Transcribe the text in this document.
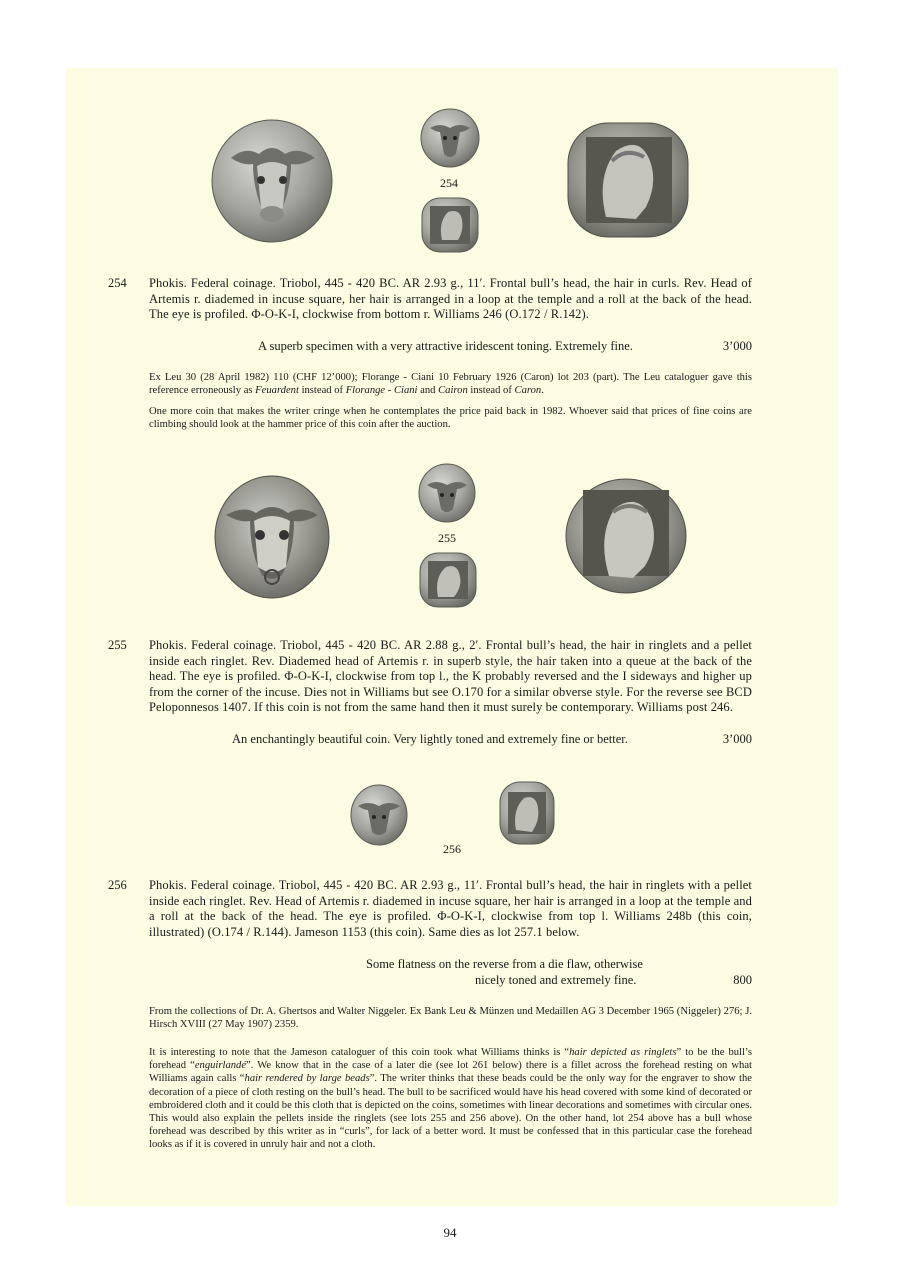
254
254	Phokis. Federal coinage. Triobol, 445 - 420 BC. AR 2.93 g., 11′. Frontal bull’s head, the hair in curls. Rev. Head of Artemis r. diademed in incuse square, her hair is arranged in a loop at the temple and a roll at the back of the head. The eye is profiled. Φ-O-K-I, clockwise from bottom r. Williams 246 (O.172 / R.142).
A superb specimen with a very attractive iridescent toning. Extremely fine.	3’000
Ex Leu 30 (28 April 1982) 110 (CHF 12’000); Florange - Ciani 10 February 1926 (Caron) lot 203 (part). The Leu cataloguer gave this reference erroneously as Feuardent instead of Florange - Ciani and Cairon instead of Caron.
One more coin that makes the writer cringe when he contemplates the price paid back in 1982. Whoever said that prices of fine coins are climbing should look at the hammer price of this coin after the auction.
255
255	Phokis. Federal coinage. Triobol, 445 - 420 BC. AR 2.88 g., 2′. Frontal bull’s head, the hair in ringlets and a pellet inside each ringlet. Rev. Diademed head of Artemis r. in superb style, the hair taken into a queue at the back of the head. The eye is profiled. Φ-O-K-I, clockwise from top l., the K probably reversed and the I sideways and higher up from the corner of the incuse. Dies not in Williams but see O.170 for a similar obverse style. For the reverse see BCD Peloponnesos 1407. If this coin is not from the same hand then it must surely be contemporary. Williams post 246.
An enchantingly beautiful coin. Very lightly toned and extremely fine or better.	3’000
256
256	Phokis. Federal coinage. Triobol, 445 - 420 BC. AR 2.93 g., 11′. Frontal bull’s head, the hair in ringlets with a pellet inside each ringlet. Rev. Head of Artemis r. diademed in incuse square, her hair is arranged in a loop at the temple and a roll at the back of the head. The eye is profiled. Φ-O-K-I, clockwise from top l. Williams 248b (this coin, illustrated) (O.174 / R.144). Jameson 1153 (this coin). Same dies as lot 257.1 below.
Some flatness on the reverse from a die flaw, otherwise
nicely toned and extremely fine.	800
From the collections of Dr. A. Ghertsos and Walter Niggeler. Ex Bank Leu & Münzen und Medaillen AG 3 December 1965 (Niggeler) 276; J. Hirsch XVIII (27 May 1907) 2359.
It is interesting to note that the Jameson cataloguer of this coin took what Williams thinks is “hair depicted as ringlets” to be the bull’s forehead “enguirlandé”. We know that in the case of a later die (see lot 261 below) there is a fillet across the forehead resting on what Williams again calls “hair rendered by large beads”. The writer thinks that these beads could be the only way for the engraver to show the decoration of a piece of cloth resting on the bull’s head. The bull to be sacrificed would have his head covered with some kind of decorated or embroidered cloth and it could be this cloth that is depicted on the coins, sometimes with linear decorations and sometimes with circular ones. This would also explain the pellets inside the ringlets (see lots 255 and 256 above). On the other hand, lot 254 above has a bull whose forehead was described by this writer as in “curls”, for lack of a better word. It must be confessed that in this particular case the forehead looks as if it is covered in unruly hair and not a cloth.
94
